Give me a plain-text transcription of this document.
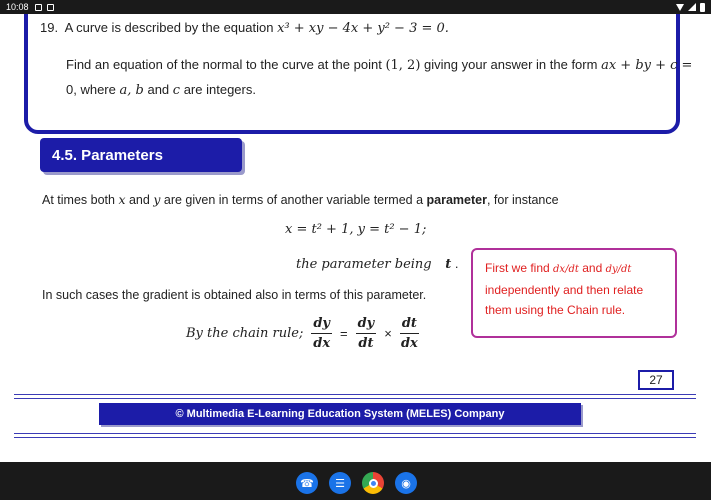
10:08
19. A curve is described by the equation x³ + xy − 4x + y² − 3 = 0.
Find an equation of the normal to the curve at the point (1, 2) giving your answer in the form ax + by + c =
0, where a, b and c are integers.
4.5. Parameters
At times both x and y are given in terms of another variable termed a parameter, for instance
x = t² + 1, y = t² − 1;
the parameter being t .
In such cases the gradient is obtained also in terms of this parameter.
By the chain rule; $\frac{dy}{dx} = \frac{dy}{dt} \times \frac{dt}{dx}$
First we find dx/dt and dy/dt
independently and then relate
them using the Chain rule.
27
© Multimedia E-Learning Education System (MELES) Company
☎	☰	◉
